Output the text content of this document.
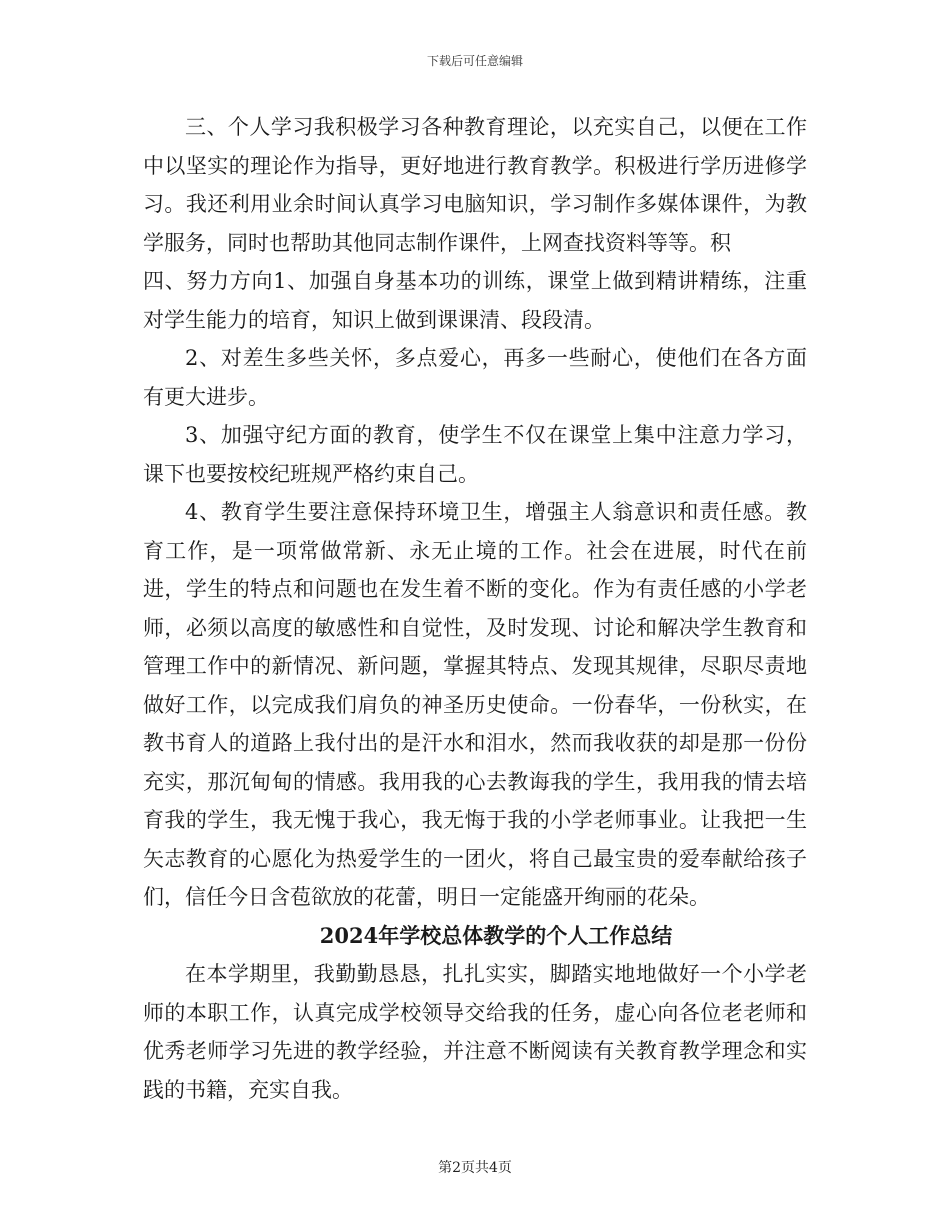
下载后可任意编辑

三、个人学习我积极学习各种教育理论，以充实自己，以便在工作中以坚实的理论作为指导，更好地进行教育教学。积极进行学历进修学习。我还利用业余时间认真学习电脑知识，学习制作多媒体课件，为教学服务，同时也帮助其他同志制作课件，上网查找资料等等。积

四、努力方向1、加强自身基本功的训练，课堂上做到精讲精练，注重对学生能力的培育，知识上做到课课清、段段清。

2、对差生多些关怀，多点爱心，再多一些耐心，使他们在各方面有更大进步。

3、加强守纪方面的教育，使学生不仅在课堂上集中注意力学习，课下也要按校纪班规严格约束自己。

4、教育学生要注意保持环境卫生，增强主人翁意识和责任感。教育工作，是一项常做常新、永无止境的工作。社会在进展，时代在前进，学生的特点和问题也在发生着不断的变化。作为有责任感的小学老师，必须以高度的敏感性和自觉性，及时发现、讨论和解决学生教育和管理工作中的新情况、新问题，掌握其特点、发现其规律，尽职尽责地做好工作，以完成我们肩负的神圣历史使命。一份春华，一份秋实，在教书育人的道路上我付出的是汗水和泪水，然而我收获的却是那一份份充实，那沉甸甸的情感。我用我的心去教诲我的学生，我用我的情去培育我的学生，我无愧于我心，我无悔于我的小学老师事业。让我把一生矢志教育的心愿化为热爱学生的一团火，将自己最宝贵的爱奉献给孩子们，信任今日含苞欲放的花蕾，明日一定能盛开绚丽的花朵。

2024年学校总体教学的个人工作总结

在本学期里，我勤勤恳恳，扎扎实实，脚踏实地地做好一个小学老师的本职工作，认真完成学校领导交给我的任务，虚心向各位老老师和优秀老师学习先进的教学经验，并注意不断阅读有关教育教学理念和实践的书籍，充实自我。

第2页共4页
